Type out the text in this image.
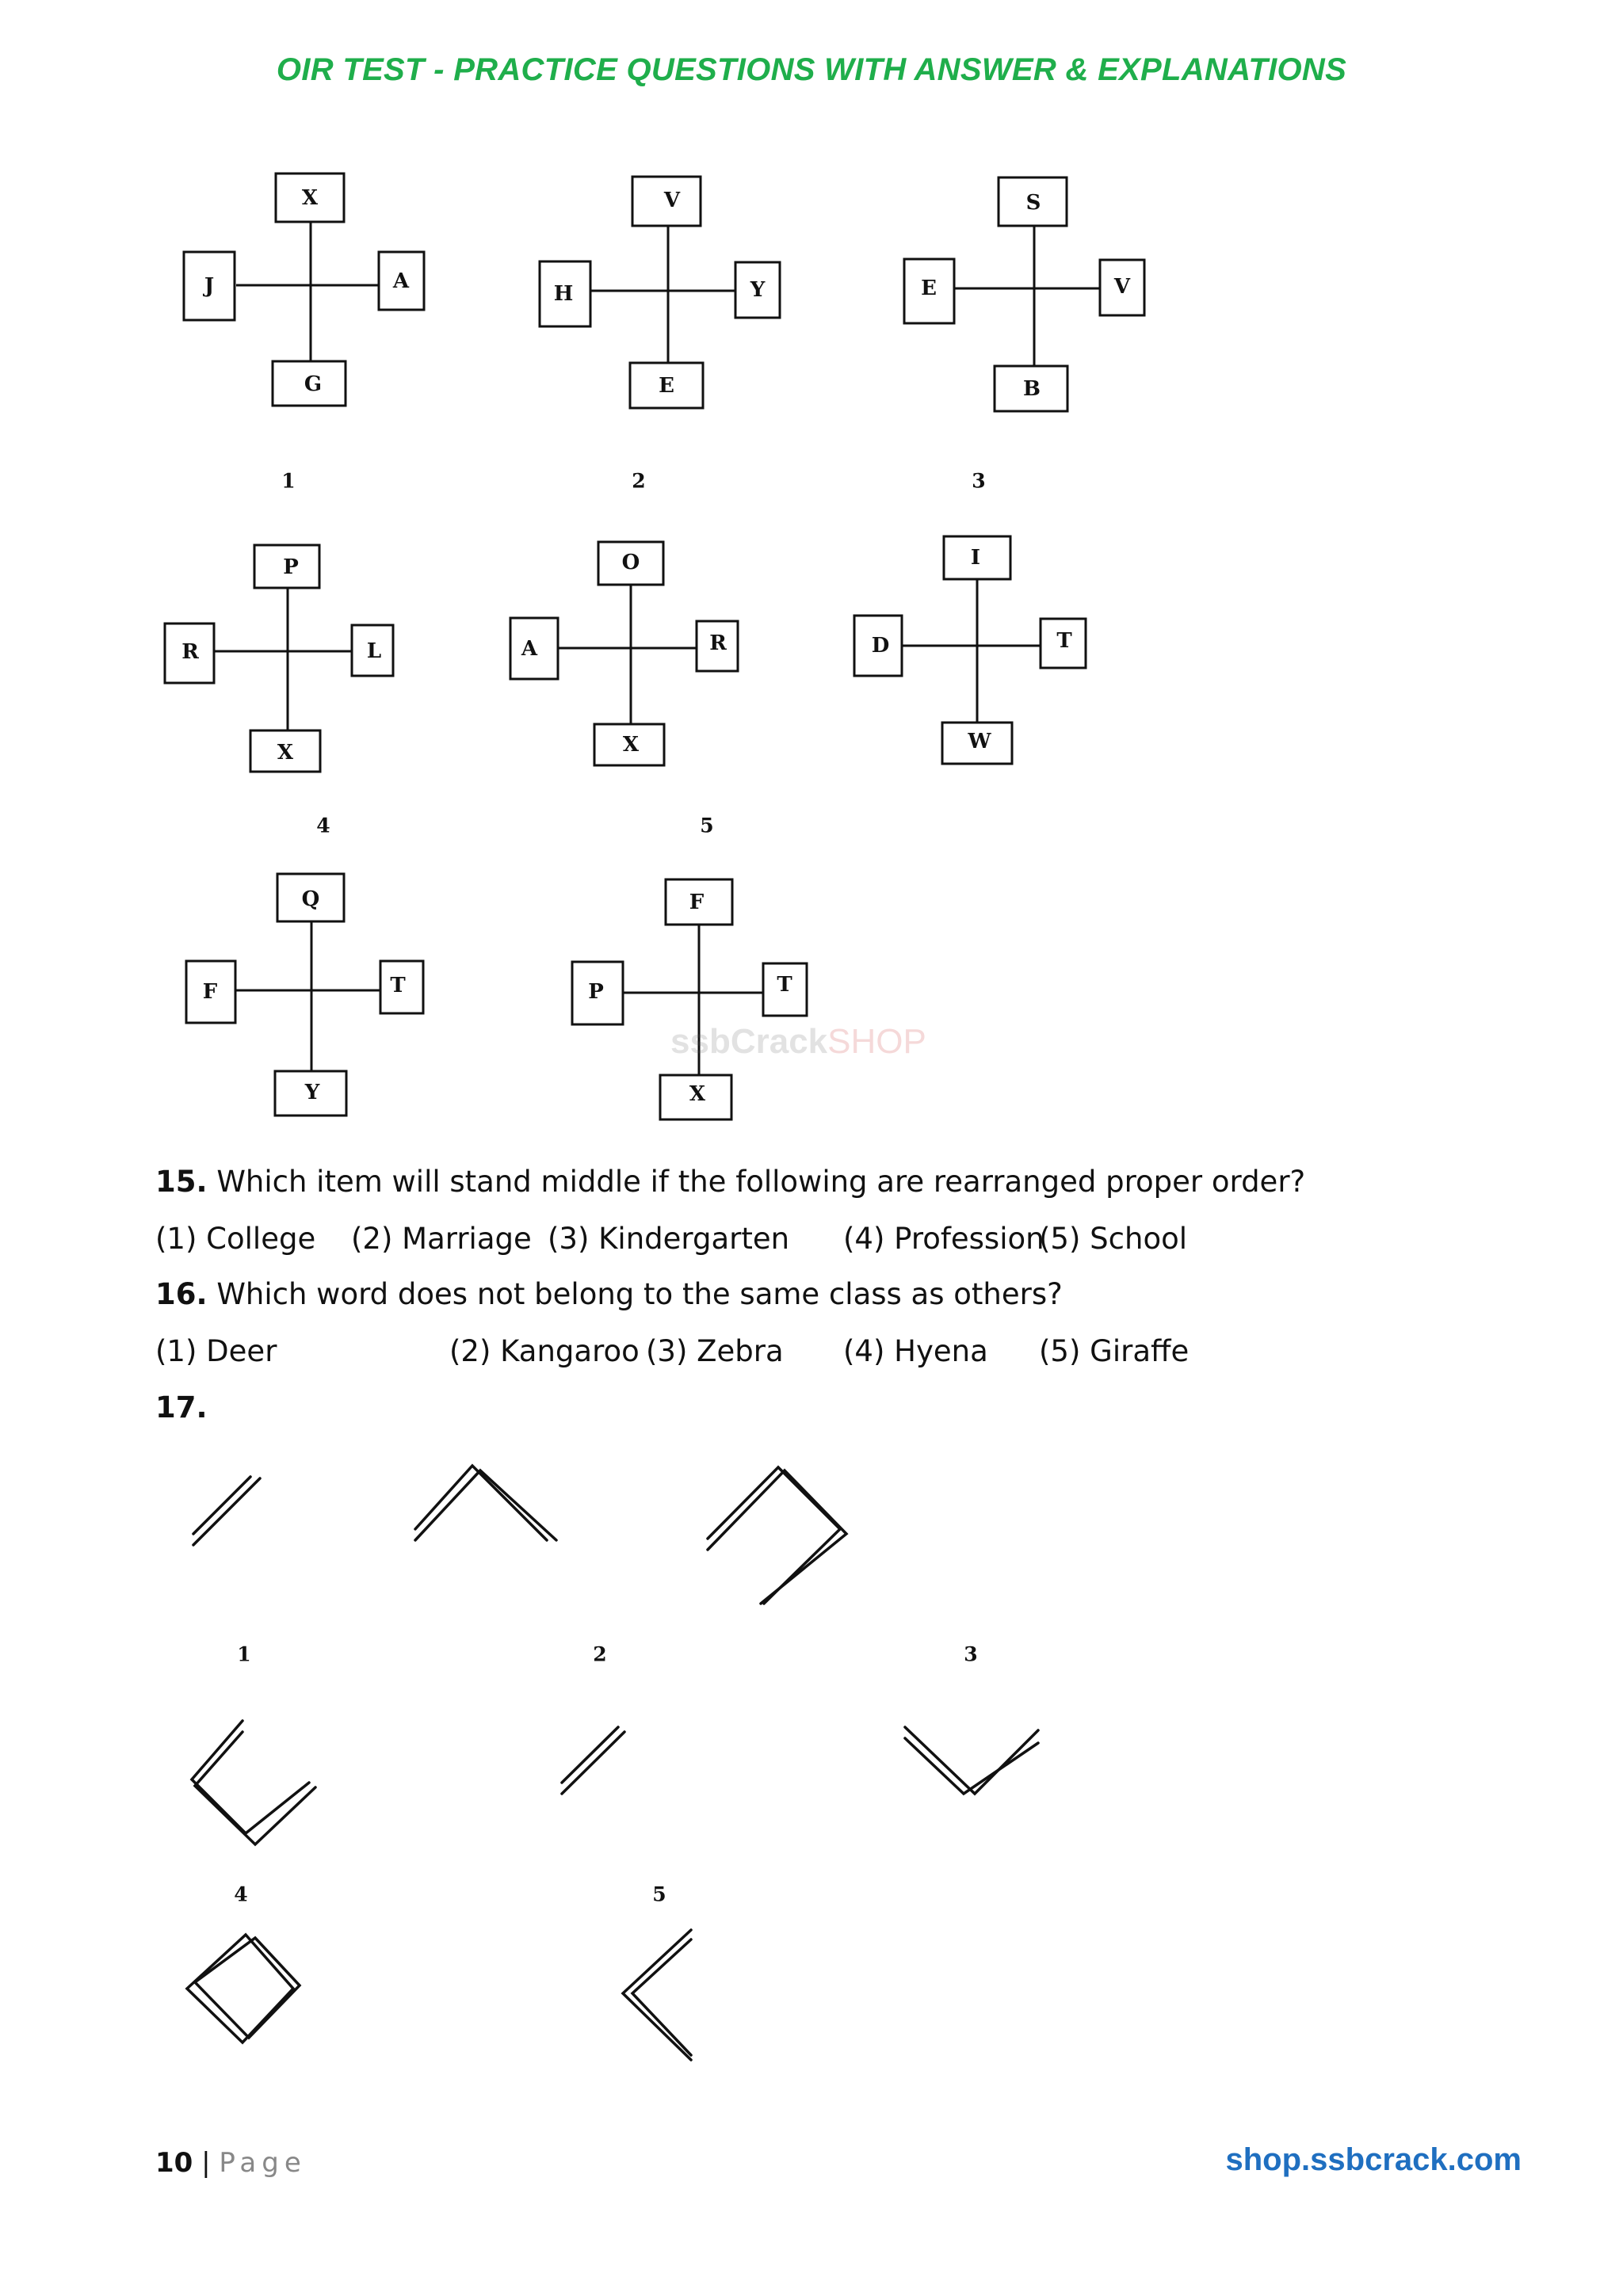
OIR TEST - PRACTICE QUESTIONS WITH ANSWER & EXPLANATIONS
X
J	A
G
V
H	Y
E
S
E	V
B
P
R	L
X
O
A	R
X
I
D	T
W
Q
F	T
Y
F
P	T
X
1	2	3
4	5
ssbCrackSHOP
15. Which item will stand middle if the following are rearranged proper order?
(1) College (2) Marriage (3) Kindergarten (4) Profession
(5) School
16. Which word does not belong to the same class as others?
(1) Deer	(2) Kangaroo (3) Zebra (4) Hyena (5) Giraffe
17.
1	2	3
4	5
10 | Page	shop.ssbcrack.com
